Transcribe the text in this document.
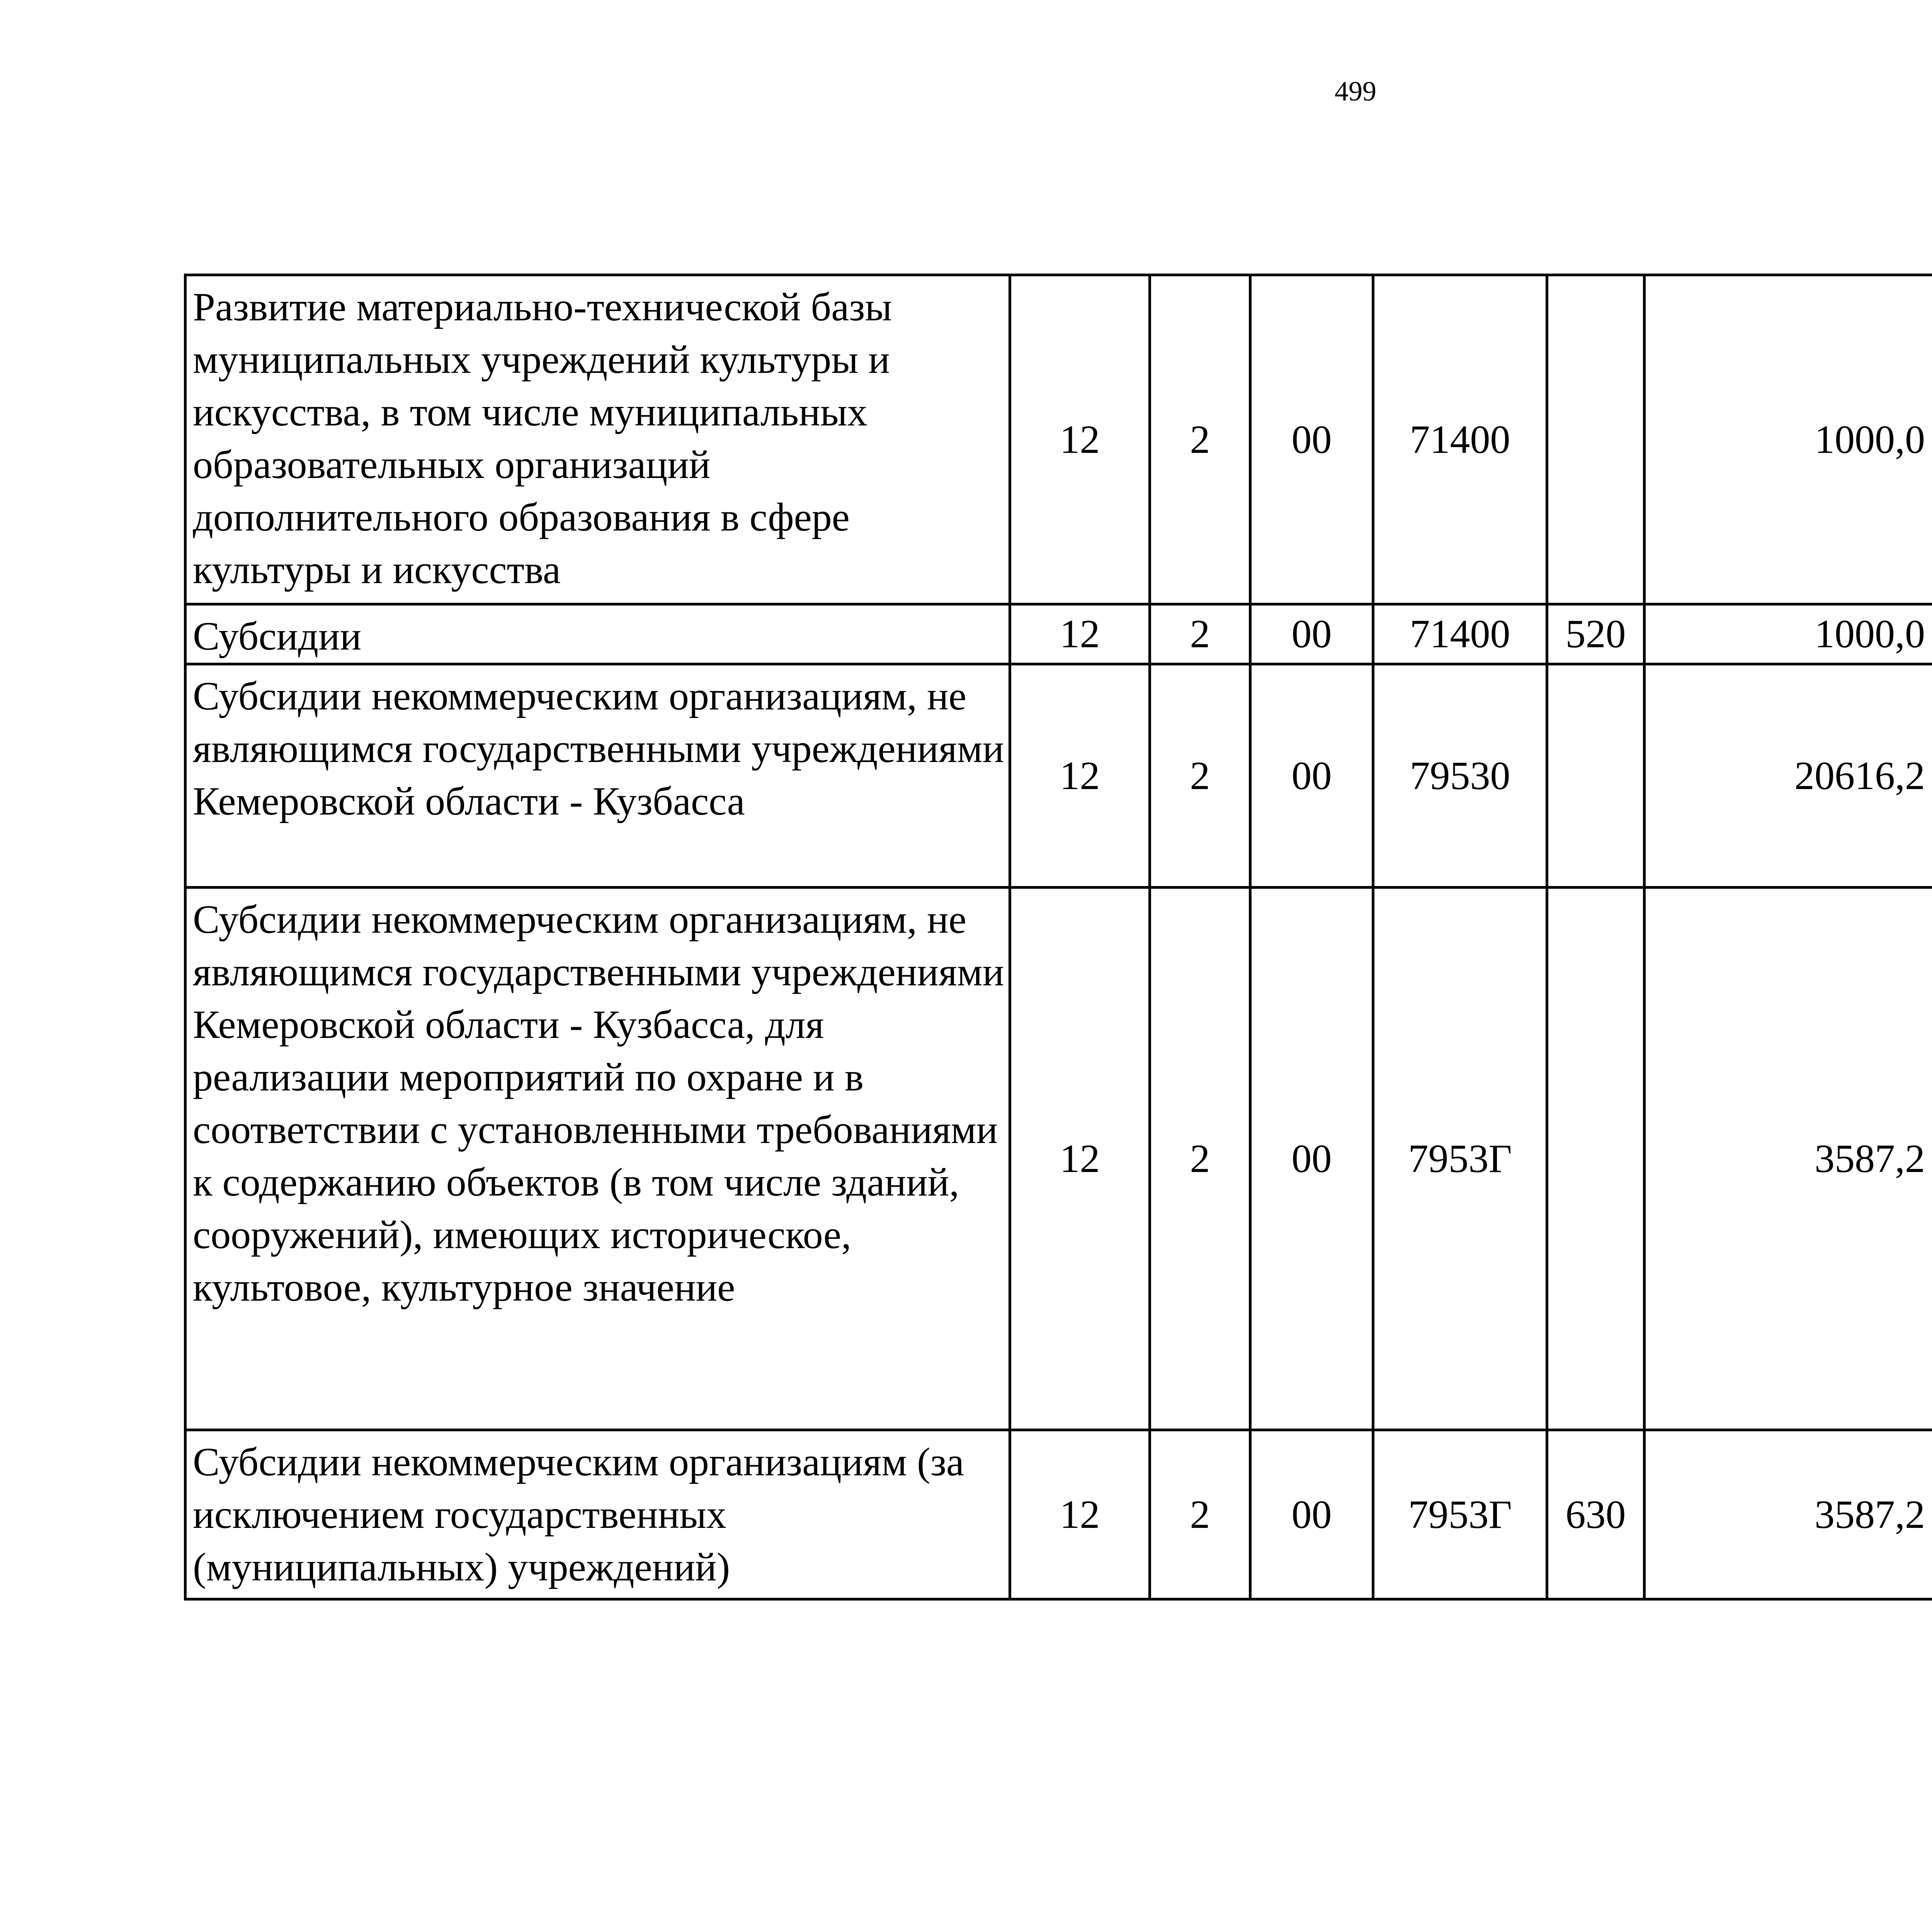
499
Развитие материально-технической базы муниципальных учреждений культуры и искусства, в том числе муниципальных образовательных организаций дополнительного образования в сфере культуры и искусства	12	2	00	71400		1000,0		
Субсидии	12	2	00	71400	520	1000,0		
Субсидии некоммерческим организациям, не являющимся государственными учреждениями Кемеровской области - Кузбасса	12	2	00	79530		20616,2		
Субсидии некоммерческим организациям, не являющимся государственными учреждениями Кемеровской области - Кузбасса, для реализации мероприятий по охране и в соответствии с установленными требованиями к содержанию объектов (в том числе зданий, сооружений), имеющих историческое, культовое, культурное значение	12	2	00	7953Г		3587,2		
Субсидии некоммерческим организациям (за исключением государственных (муниципальных) учреждений)	12	2	00	7953Г	630	3587,2		
